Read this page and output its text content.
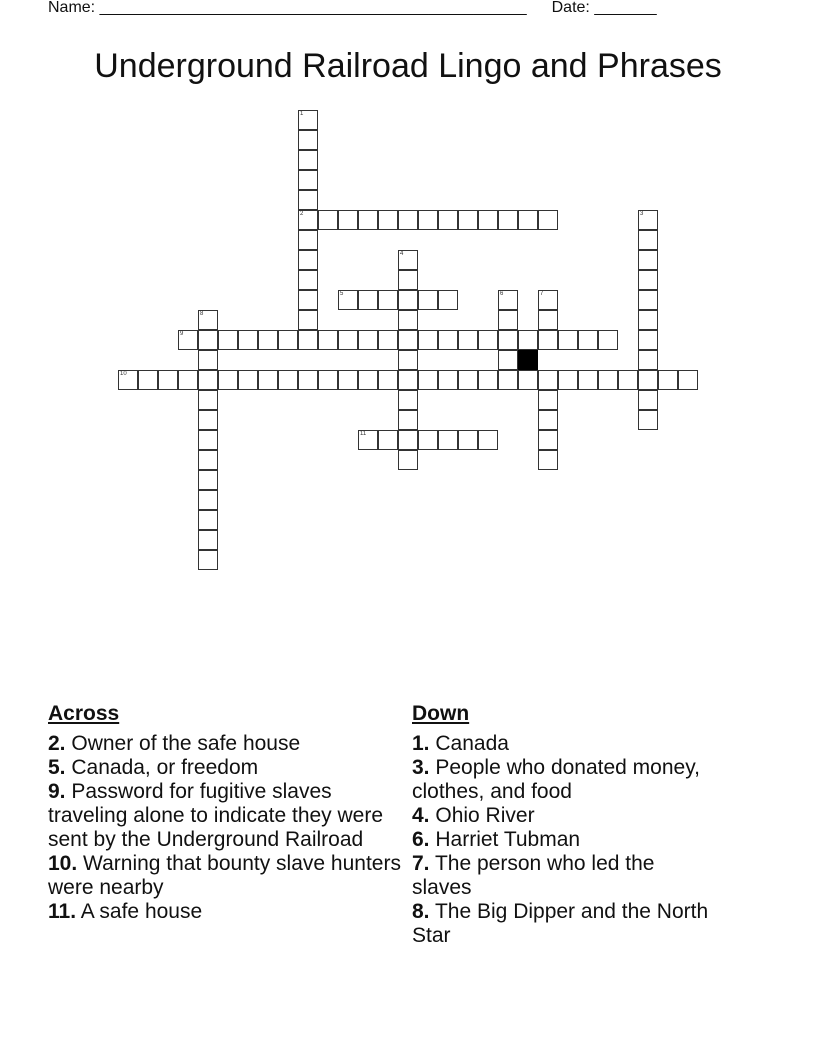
Name: ________________________________________________ Date: _______
Underground Railroad Lingo and Phrases
1
2	3
4
5	6	7
8
9
10
11
Across

2. Owner of the safe house

5. Canada, or freedom

9. Password for fugitive slaves traveling alone to indicate they were sent by the Underground Railroad

10. Warning that bounty slave hunters were nearby

11. A safe house

Down

1. Canada

3. People who donated money, clothes, and food

4. Ohio River

6. Harriet Tubman

7. The person who led the slaves

8. The Big Dipper and the North Star
